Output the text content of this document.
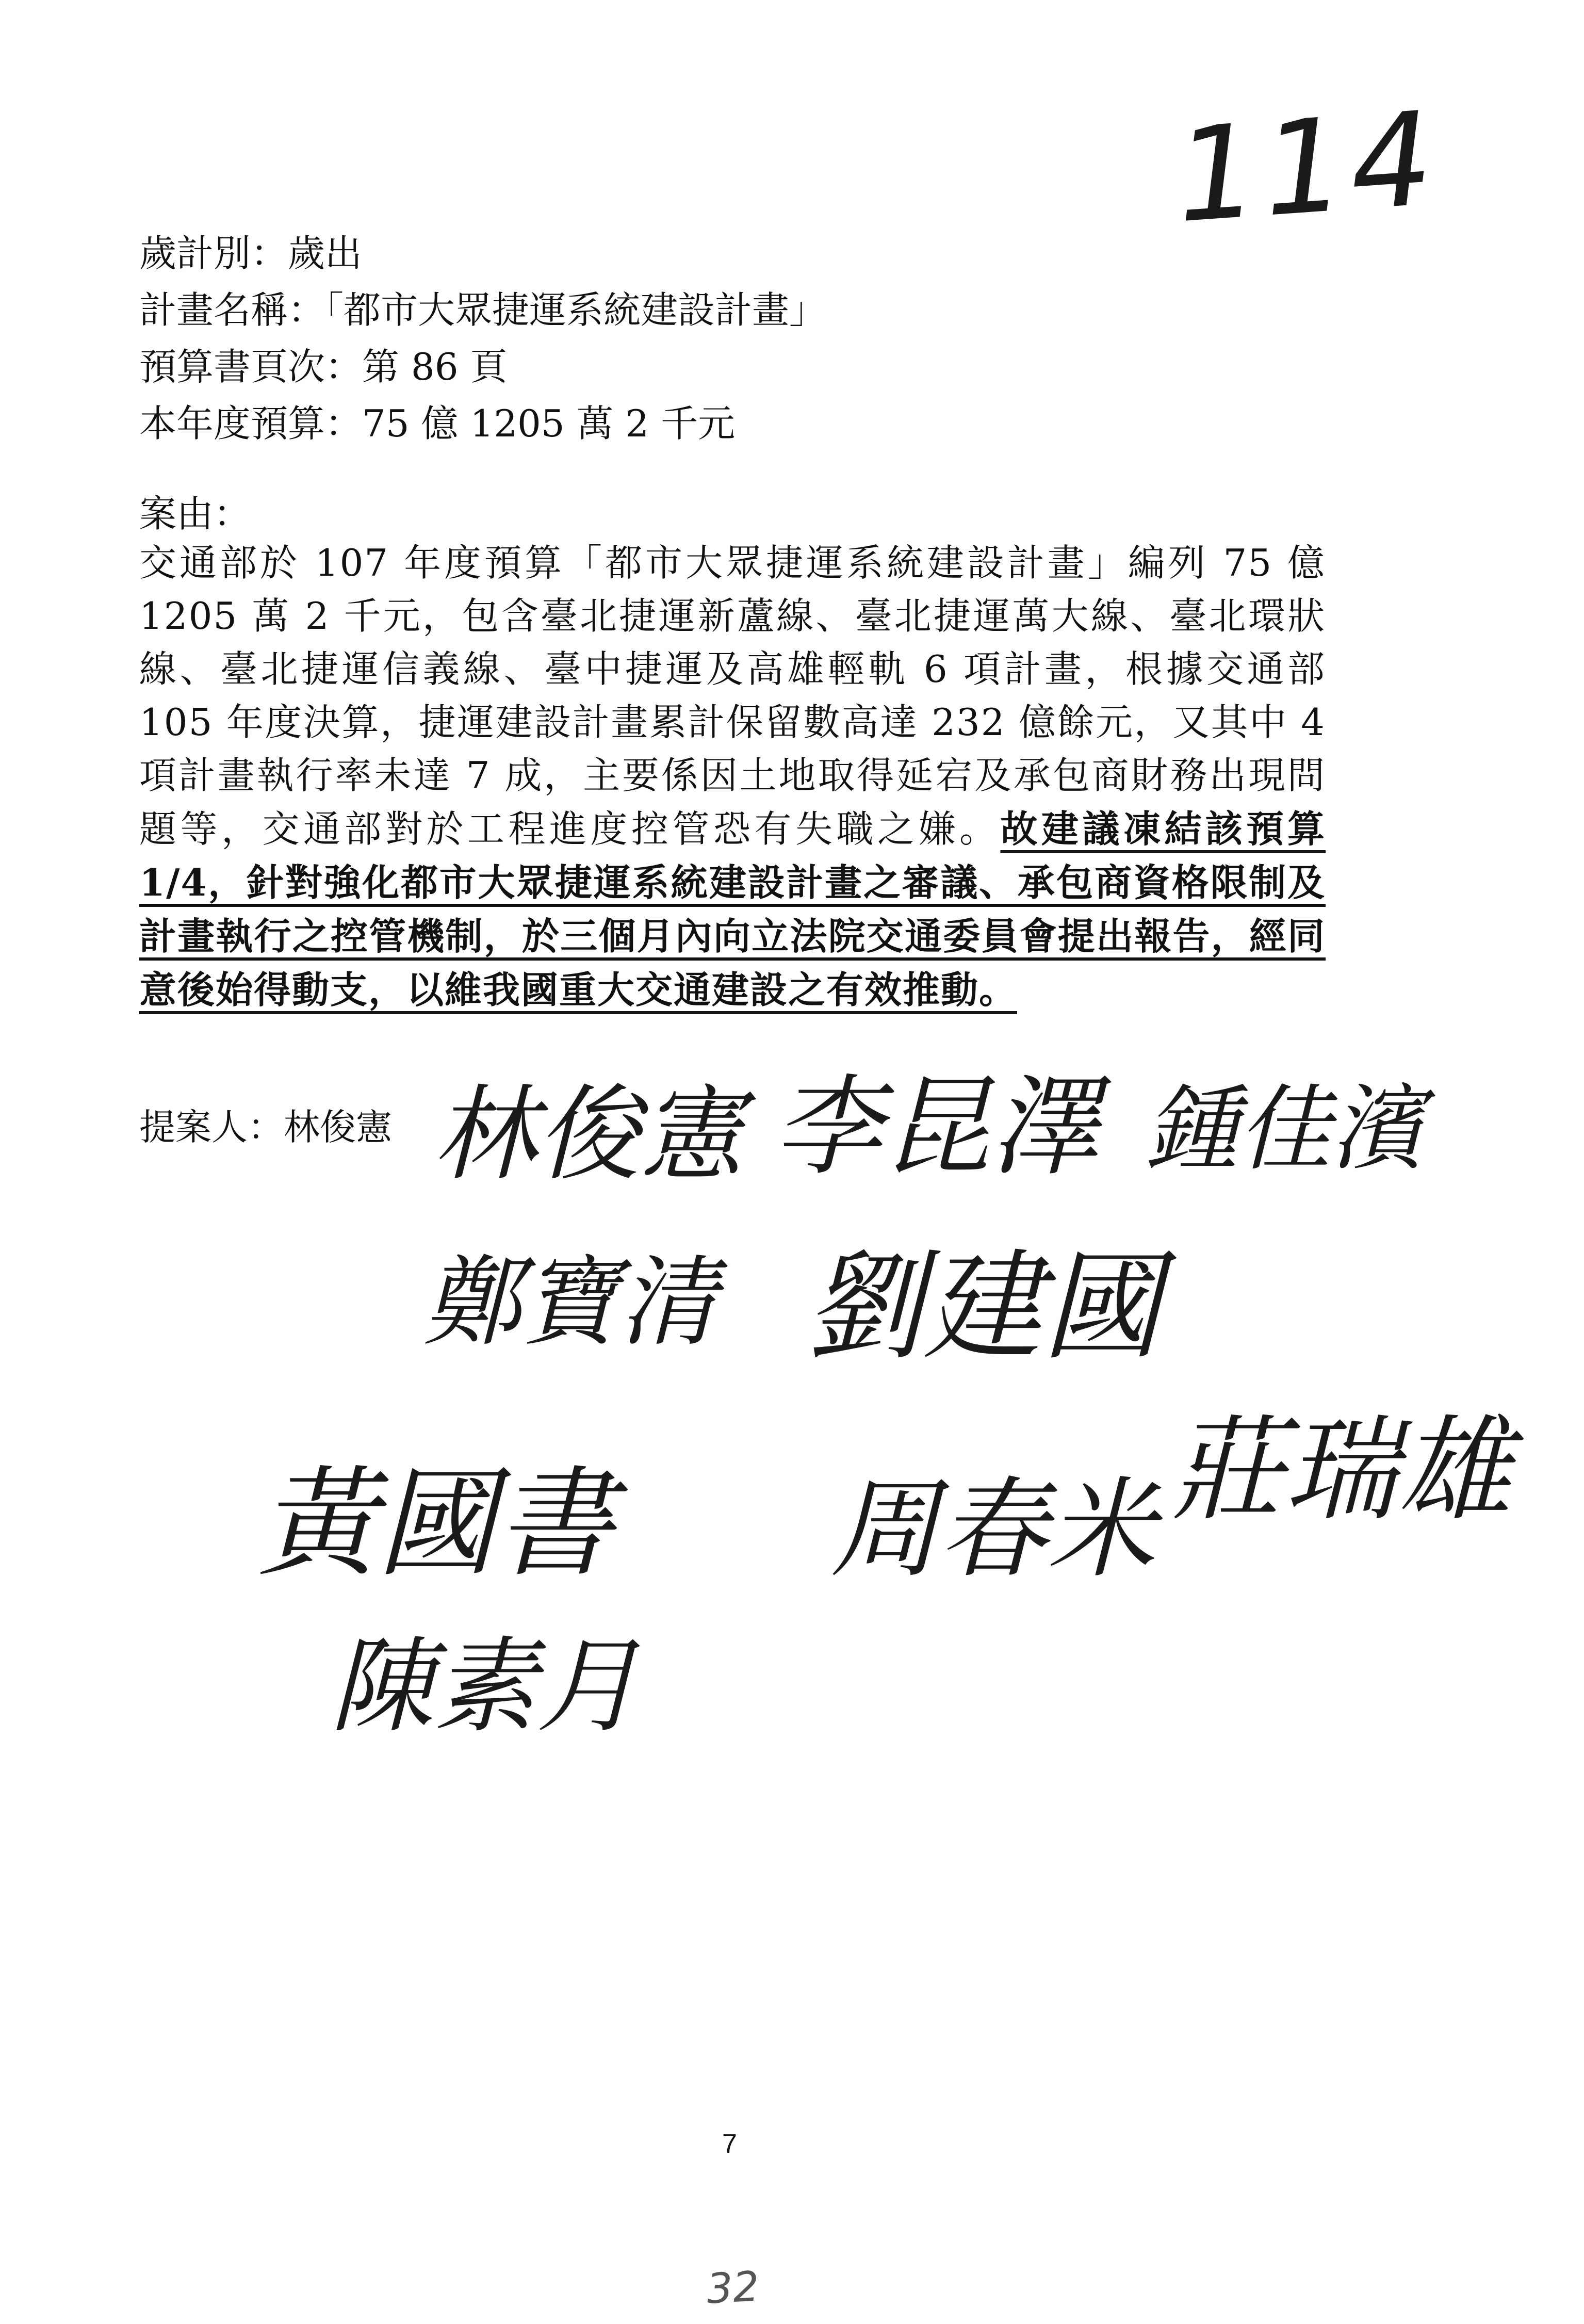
114
歲計別：歲出
計畫名稱：「都市大眾捷運系統建設計畫」
預算書頁次：第 86 頁
本年度預算：75 億 1205 萬 2 千元
案由：
交通部於 107 年度預算「都市大眾捷運系統建設計畫」編列 75 億 1205 萬 2 千元，包含臺北捷運新蘆線、臺北捷運萬大線、臺北環狀線、臺北捷運信義線、臺中捷運及高雄輕軌 6 項計畫，根據交通部 105 年度決算，捷運建設計畫累計保留數高達 232 億餘元，又其中 4 項計畫執行率未達 7 成，主要係因土地取得延宕及承包商財務出現問題等，交通部對於工程進度控管恐有失職之嫌。故建議凍結該預算 1/4，針對強化都市大眾捷運系統建設計畫之審議、承包商資格限制及計畫執行之控管機制，於三個月內向立法院交通委員會提出報告，經同意後始得動支，以維我國重大交通建設之有效推動。
提案人：林俊憲 林俊憲 李昆澤 鍾佳濱
鄭寶清 劉建國
黃國書 周春米 莊瑞雄
陳素月
7
32
